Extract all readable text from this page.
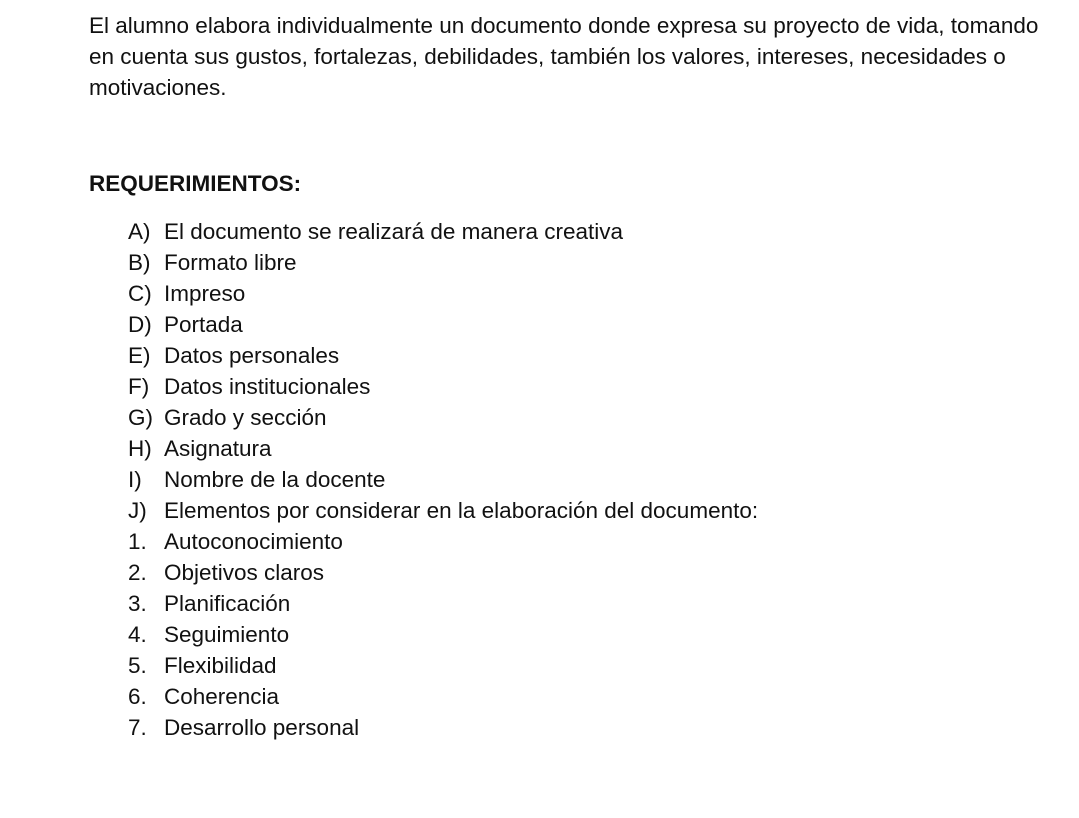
El alumno elabora individualmente un documento donde expresa su proyecto de vida, tomando en cuenta sus gustos, fortalezas, debilidades, también los valores, intereses, necesidades o motivaciones.

REQUERIMIENTOS:
A) El documento se realizará de manera creativa
B) Formato libre
C) Impreso
D) Portada
E) Datos personales
F) Datos institucionales
G) Grado y sección
H) Asignatura
I) Nombre de la docente
J) Elementos por considerar en la elaboración del documento:
1. Autoconocimiento
2. Objetivos claros
3. Planificación
4. Seguimiento
5. Flexibilidad
6. Coherencia
7. Desarrollo personal
